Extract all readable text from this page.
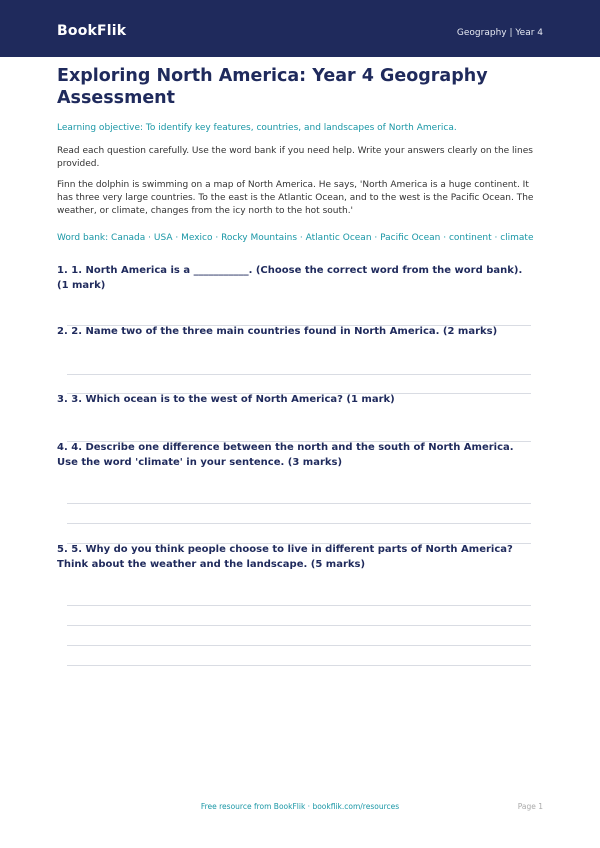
BookFlik	Geography | Year 4
Exploring North America: Year 4 Geography Assessment
Learning objective: To identify key features, countries, and landscapes of North America.
Read each question carefully. Use the word bank if you need help. Write your answers clearly on the lines provided.
Finn the dolphin is swimming on a map of North America. He says, 'North America is a huge continent. It has three very large countries. To the east is the Atlantic Ocean, and to the west is the Pacific Ocean. The weather, or climate, changes from the icy north to the hot south.'
Word bank: Canada · USA · Mexico · Rocky Mountains · Atlantic Ocean · Pacific Ocean · continent · climate
1. 1. North America is a ___________. (Choose the correct word from the word bank). (1 mark)
2. 2. Name two of the three main countries found in North America. (2 marks)
3. 3. Which ocean is to the west of North America? (1 mark)
4. 4. Describe one difference between the north and the south of North America. Use the word 'climate' in your sentence. (3 marks)
5. 5. Why do you think people choose to live in different parts of North America? Think about the weather and the landscape. (5 marks)
Free resource from BookFlik · bookflik.com/resources	Page 1
